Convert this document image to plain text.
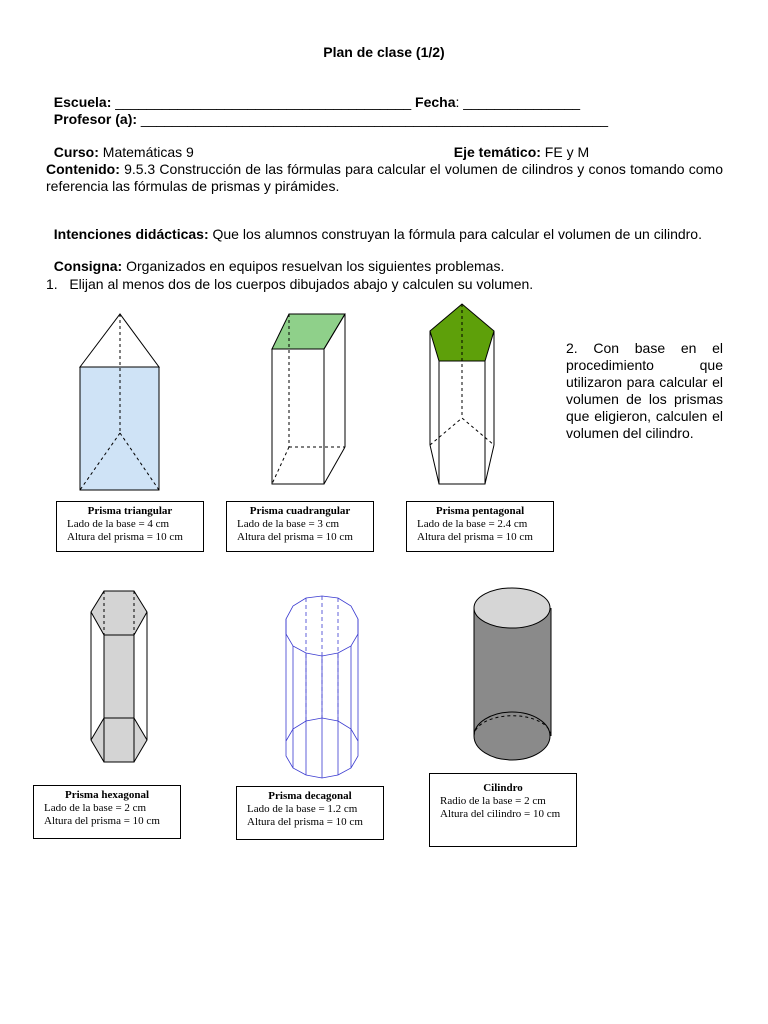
Plan de clase (1/2)

Escuela: ______________________________________ Fecha: _______________

Profesor (a): ____________________________________________________________

Curso: Matemáticas 9	Eje temático: FE y M

Contenido: 9.5.3 Construcción de las fórmulas para calcular el volumen de cilindros y conos tomando como referencia las fórmulas de prismas y pirámides.

Intenciones didácticas: Que los alumnos construyan la fórmula para calcular el volumen de un cilindro.

Consigna: Organizados en equipos resuelvan los siguientes problemas.

1.   Elijan al menos dos de los cuerpos dibujados abajo y calculen su volumen.
2. Con base en el procedimiento que utilizaron para calcular el volumen de los prismas que eligieron, calculen el volumen del cilindro.
Prisma triangular
Lado de la base = 4 cm
Altura del prisma = 10 cm
Prisma cuadrangular
Lado de la base = 3 cm
Altura del prisma = 10 cm
Prisma pentagonal
Lado de la base = 2.4 cm
Altura del prisma = 10 cm
Prisma hexagonal
Lado de la base = 2 cm
Altura del prisma = 10 cm
Prisma decagonal
Lado de la base = 1.2 cm
Altura del prisma = 10 cm
Cilindro
Radio de la base = 2 cm
Altura del cilindro = 10 cm
